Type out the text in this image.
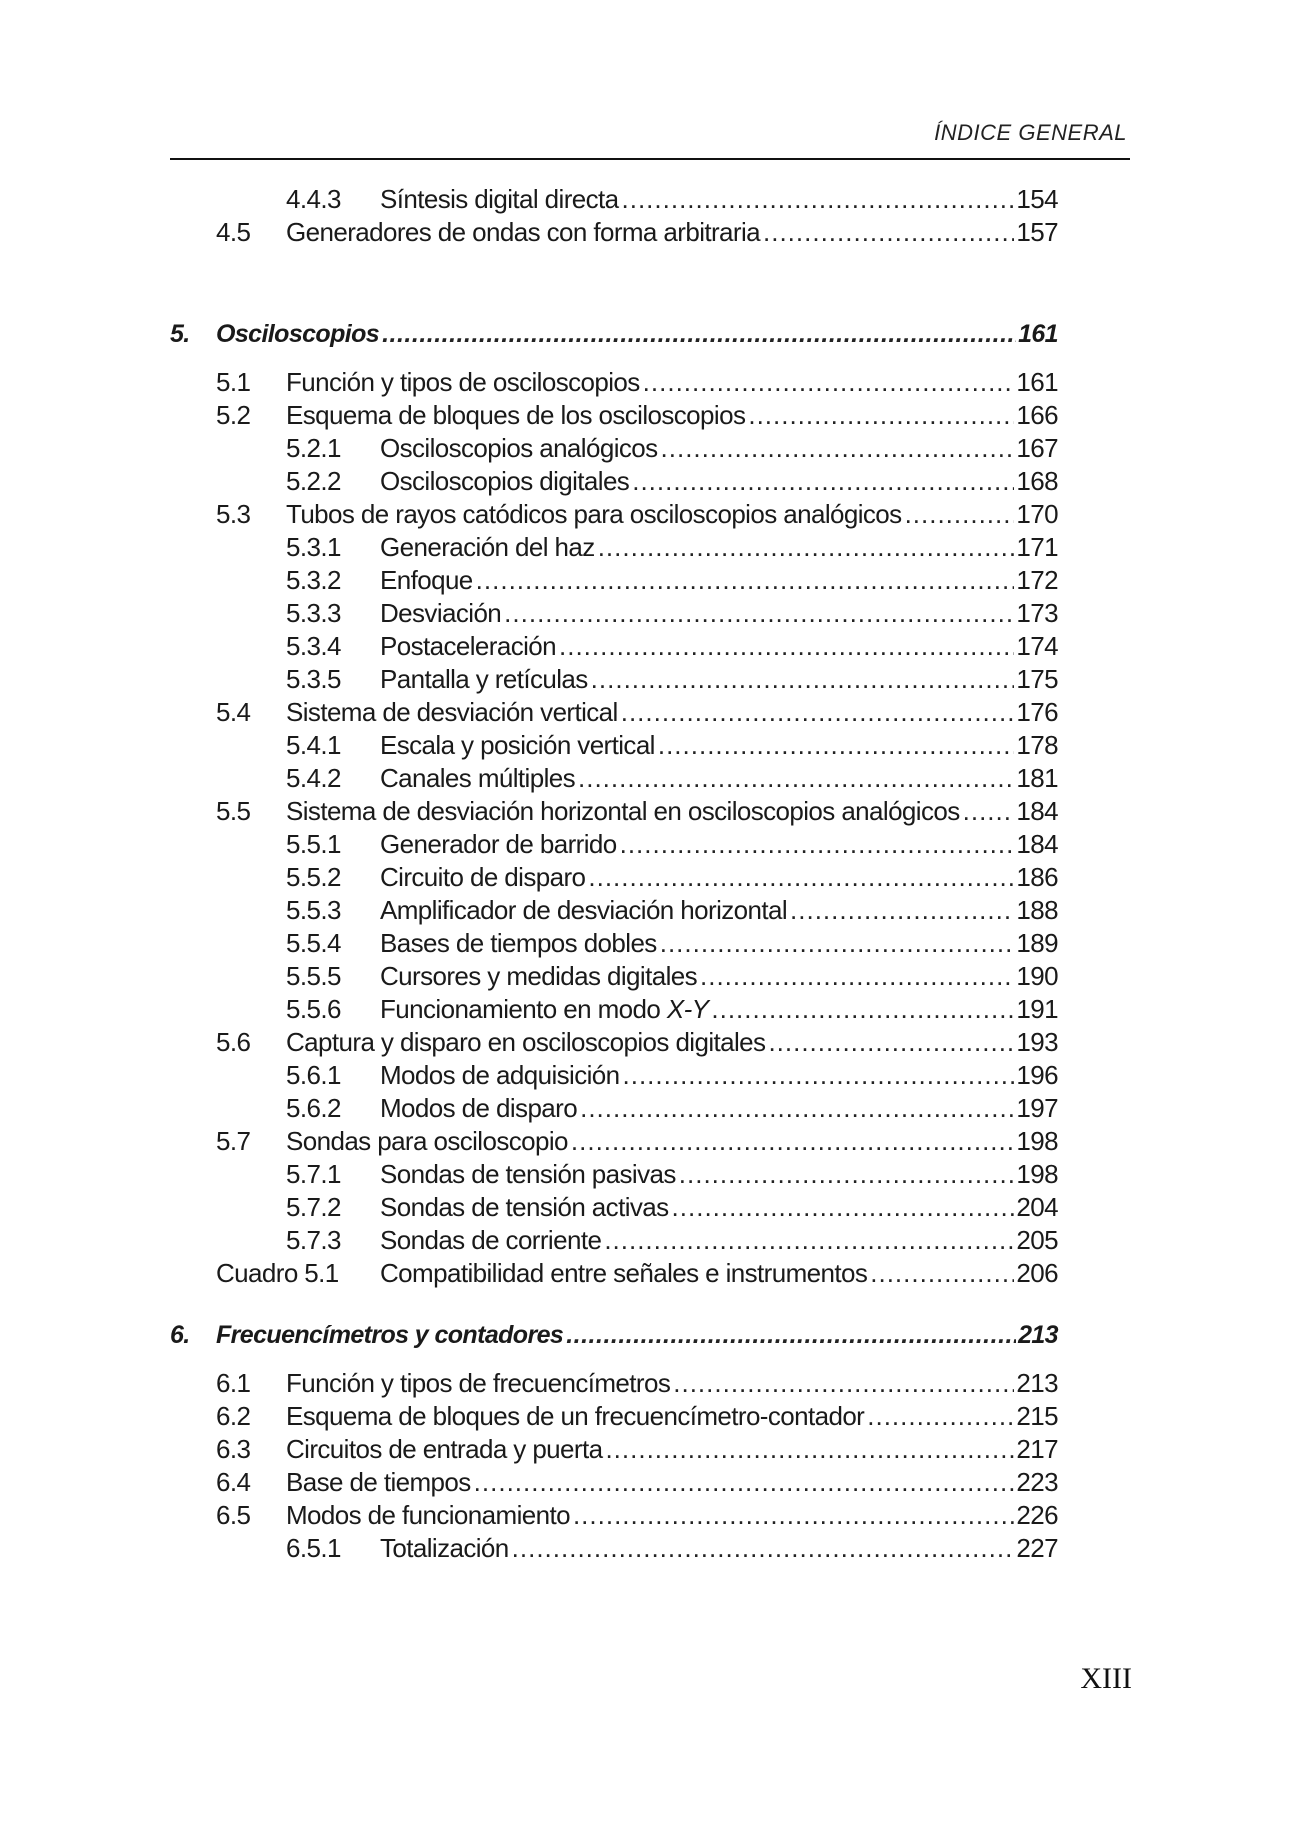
ÍNDICE GENERAL
4.4.3 Síntesis digital directa .....	154
4.5 Generadores de ondas con forma arbitraria .....	157
5. Osciloscopios .....	161
5.1 Función y tipos de osciloscopios .....	161
5.2 Esquema de bloques de los osciloscopios .....	166
5.2.1 Osciloscopios analógicos .....	167
5.2.2 Osciloscopios digitales .....	168
5.3 Tubos de rayos catódicos para osciloscopios analógicos .....	170
5.3.1 Generación del haz .....	171
5.3.2 Enfoque .....	172
5.3.3 Desviación .....	173
5.3.4 Postaceleración .....	174
5.3.5 Pantalla y retículas .....	175
5.4 Sistema de desviación vertical .....	176
5.4.1 Escala y posición vertical .....	178
5.4.2 Canales múltiples .....	181
5.5 Sistema de desviación horizontal en osciloscopios analógicos ..... 184
5.5.1 Generador de barrido .....	184
5.5.2 Circuito de disparo .....	186
5.5.3 Amplificador de desviación horizontal .....	188
5.5.4 Bases de tiempos dobles .....	189
5.5.5 Cursores y medidas digitales .....	190
5.5.6 Funcionamiento en modo X-Y .....	191
5.6 Captura y disparo en osciloscopios digitales .....	193
5.6.1 Modos de adquisición .....	196
5.6.2 Modos de disparo .....	197
5.7 Sondas para osciloscopio .....	198
5.7.1 Sondas de tensión pasivas .....	198
5.7.2 Sondas de tensión activas .....	204
5.7.3 Sondas de corriente .....	205
Cuadro 5.1 Compatibilidad entre señales e instrumentos .....	206
6. Frecuencímetros y contadores .....	213
6.1 Función y tipos de frecuencímetros .....	213
6.2 Esquema de bloques de un frecuencímetro-contador .....	215
6.3 Circuitos de entrada y puerta .....	217
6.4 Base de tiempos .....	223
6.5 Modos de funcionamiento .....	226
6.5.1 Totalización .....	227
XIII
